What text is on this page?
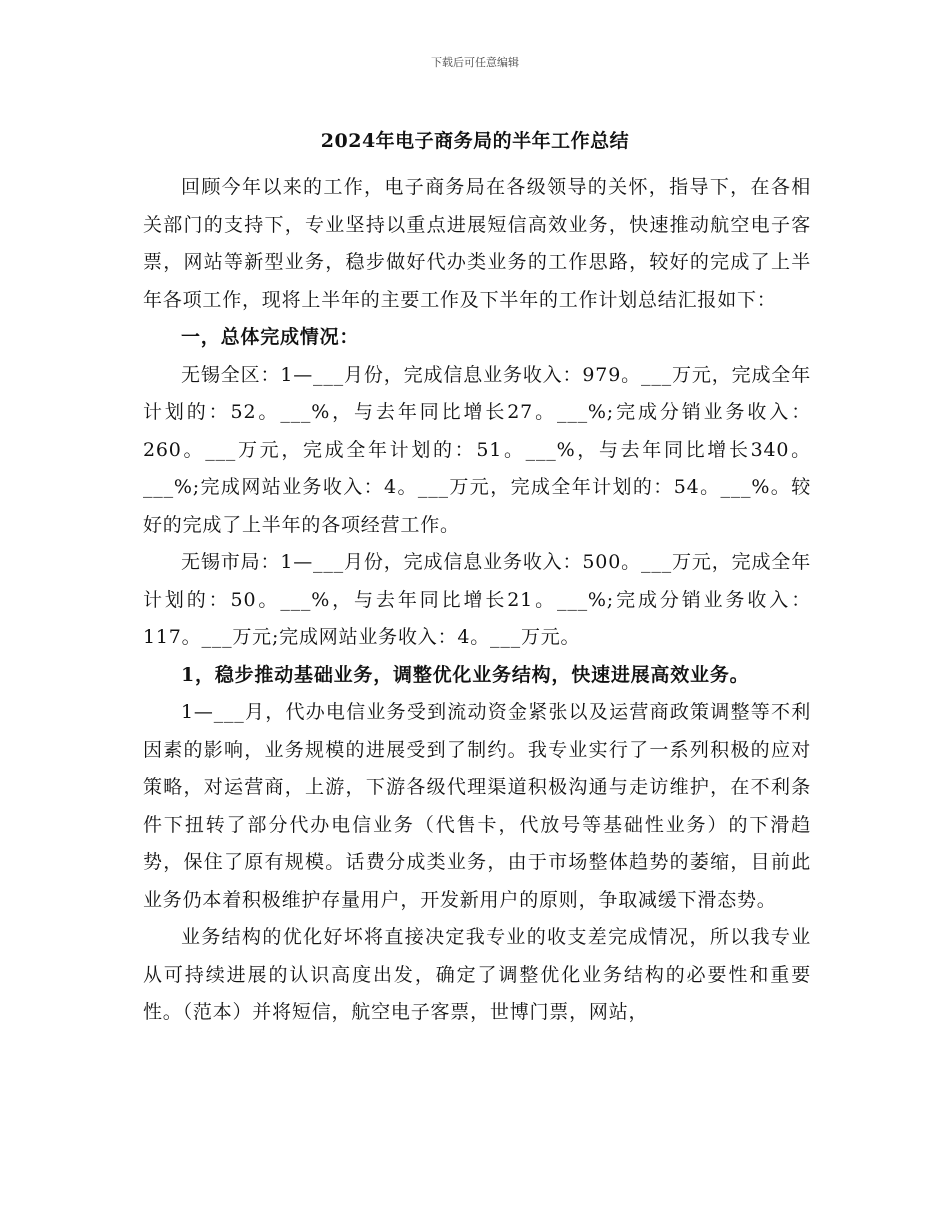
下载后可任意编辑
2024年电子商务局的半年工作总结

回顾今年以来的工作，电子商务局在各级领导的关怀，指导下，在各相关部门的支持下，专业坚持以重点进展短信高效业务，快速推动航空电子客票，网站等新型业务，稳步做好代办类业务的工作思路，较好的完成了上半年各项工作，现将上半年的主要工作及下半年的工作计划总结汇报如下：

一，总体完成情况：

无锡全区：1—___月份，完成信息业务收入：979。___万元，完成全年计划的：52。___%，与去年同比增长27。___%;完成分销业务收入：260。___万元，完成全年计划的：51。___%，与去年同比增长340。___%;完成网站业务收入：4。___万元，完成全年计划的：54。___%。较好的完成了上半年的各项经营工作。

无锡市局：1—___月份，完成信息业务收入：500。___万元，完成全年计划的：50。___%，与去年同比增长21。___%;完成分销业务收入：117。___万元;完成网站业务收入：4。___万元。

1，稳步推动基础业务，调整优化业务结构，快速进展高效业务。

1—___月，代办电信业务受到流动资金紧张以及运营商政策调整等不利因素的影响，业务规模的进展受到了制约。我专业实行了一系列积极的应对策略，对运营商，上游，下游各级代理渠道积极沟通与走访维护，在不利条件下扭转了部分代办电信业务（代售卡，代放号等基础性业务）的下滑趋势，保住了原有规模。话费分成类业务，由于市场整体趋势的萎缩，目前此业务仍本着积极维护存量用户，开发新用户的原则，争取减缓下滑态势。

业务结构的优化好坏将直接决定我专业的收支差完成情况，所以我专业从可持续进展的认识高度出发，确定了调整优化业务结构的必要性和重要性。（范本）并将短信，航空电子客票，世博门票，网站，
